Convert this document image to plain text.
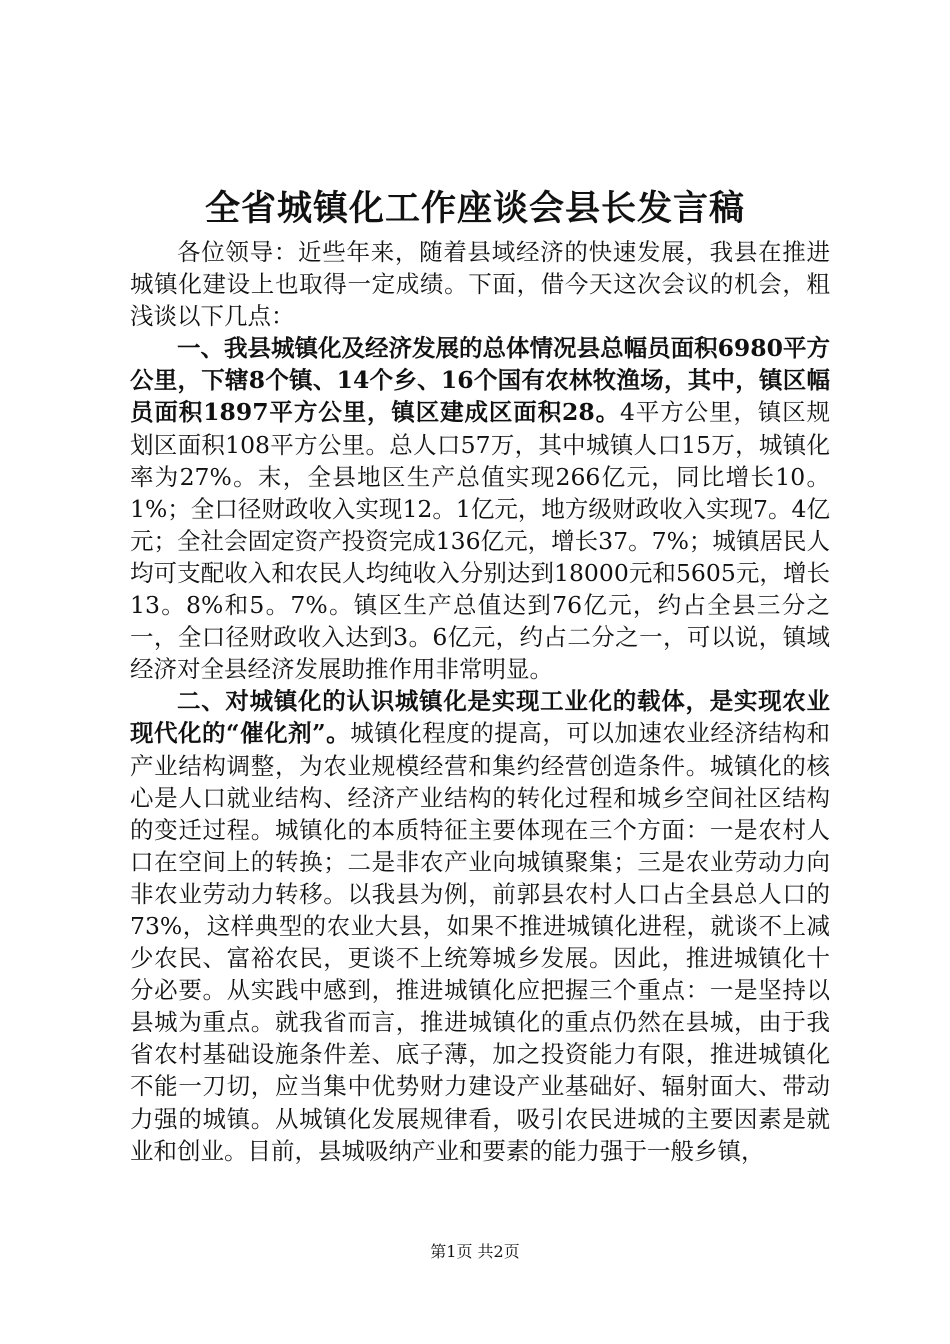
全省城镇化工作座谈会县长发言稿

各位领导：近些年来，随着县域经济的快速发展，我县在推进城镇化建设上也取得一定成绩。下面，借今天这次会议的机会，粗浅谈以下几点：

一、我县城镇化及经济发展的总体情况县总幅员面积6980平方公里，下辖8个镇、14个乡、16个国有农林牧渔场，其中，镇区幅员面积1897平方公里，镇区建成区面积28。4平方公里，镇区规划区面积108平方公里。总人口57万，其中城镇人口15万，城镇化率为27%。末，全县地区生产总值实现266亿元，同比增长10。1%；全口径财政收入实现12。1亿元，地方级财政收入实现7。4亿元；全社会固定资产投资完成136亿元，增长37。7%；城镇居民人均可支配收入和农民人均纯收入分别达到18000元和5605元，增长13。8%和5。7%。镇区生产总值达到76亿元，约占全县三分之一，全口径财政收入达到3。6亿元，约占二分之一，可以说，镇域经济对全县经济发展助推作用非常明显。

二、对城镇化的认识城镇化是实现工业化的载体，是实现农业现代化的“催化剂”。城镇化程度的提高，可以加速农业经济结构和产业结构调整，为农业规模经营和集约经营创造条件。城镇化的核心是人口就业结构、经济产业结构的转化过程和城乡空间社区结构的变迁过程。城镇化的本质特征主要体现在三个方面：一是农村人口在空间上的转换；二是非农产业向城镇聚集；三是农业劳动力向非农业劳动力转移。以我县为例，前郭县农村人口占全县总人口的73%，这样典型的农业大县，如果不推进城镇化进程，就谈不上减少农民、富裕农民，更谈不上统筹城乡发展。因此，推进城镇化十分必要。从实践中感到，推进城镇化应把握三个重点：一是坚持以县城为重点。就我省而言，推进城镇化的重点仍然在县城，由于我省农村基础设施条件差、底子薄，加之投资能力有限，推进城镇化不能一刀切，应当集中优势财力建设产业基础好、辐射面大、带动力强的城镇。从城镇化发展规律看，吸引农民进城的主要因素是就业和创业。目前，县城吸纳产业和要素的能力强于一般乡镇，

第1页 共2页
